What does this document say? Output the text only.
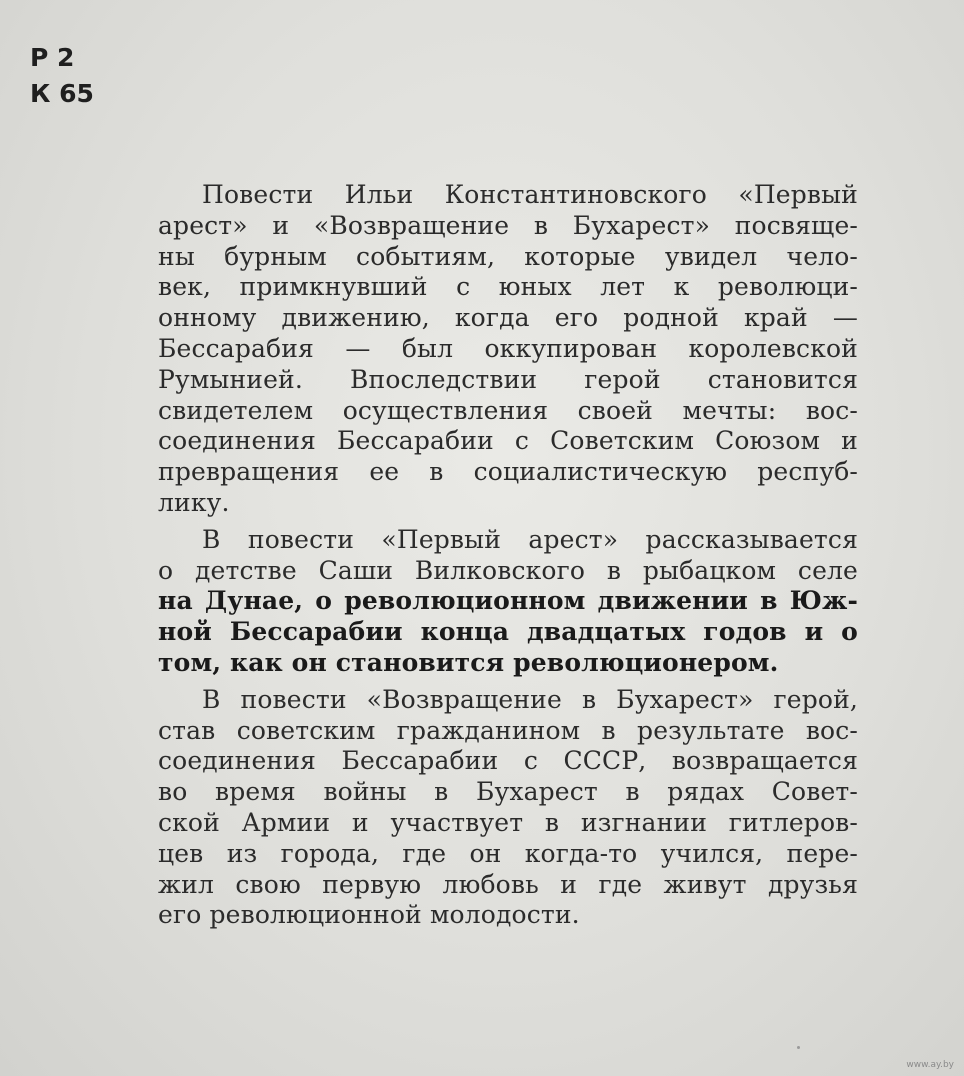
Р 2
К 65
Повести Ильи Константиновского «Первый
арест» и «Возвращение в Бухарест» посвяще-
ны бурным событиям, которые увидел чело-
век, примкнувший с юных лет к революци-
онному движению, когда его родной край —
Бессарабия — был оккупирован королевской
Румынией. Впоследствии герой становится
свидетелем осуществления своей мечты: вос-
соединения Бессарабии с Советским Союзом и
превращения ее в социалистическую респуб-
лику.
В повести «Первый арест» рассказывается
о детстве Саши Вилковского в рыбацком селе
на Дунае, о революционном движении в Юж-
ной Бессарабии конца двадцатых годов и о
том, как он становится революционером.
В повести «Возвращение в Бухарест» герой,
став советским гражданином в результате вос-
соединения Бессарабии с СССР, возвращается
во время войны в Бухарест в рядах Совет-
ской Армии и участвует в изгнании гитлеров-
цев из города, где он когда-то учился, пере-
жил свою первую любовь и где живут друзья
его революционной молодости.
www.ay.by
